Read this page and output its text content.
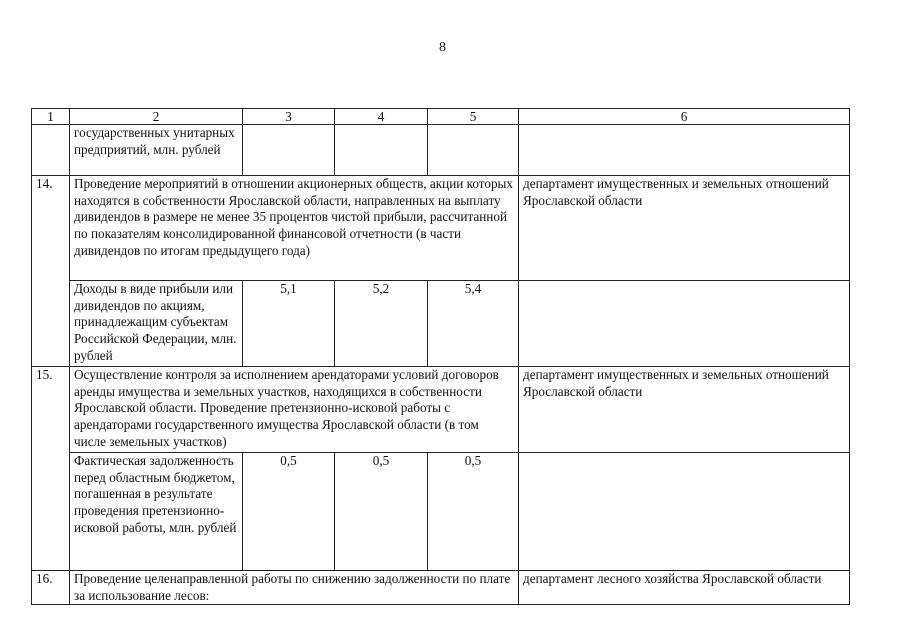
8
1	2	3	4	5	6
	государственных унитарных предприятий, млн. рублей				
14.	Проведение мероприятий в отношении акционерных обществ, акции которых находятся в собственности Ярославской области, направленных на выплату дивидендов в размере не менее 35 процентов чистой прибыли, рассчитанной по показателям консолидированной финансовой отчетности (в части дивидендов по итогам предыдущего года)				департамент имущественных и земельных отношений Ярославской области
	Доходы в виде прибыли или дивидендов по акциям, принадлежащим субъектам Российской Федерации, млн. рублей	5,1	5,2	5,4	
15.	Осуществление контроля за исполнением арендаторами условий договоров аренды имущества и земельных участков, находящихся в собственности Ярославской области. Проведение претензионно-исковой работы с арендаторами государственного имущества Ярославской области (в том числе земельных участков)				департамент имущественных и земельных отношений Ярославской области
	Фактическая задолженность перед областным бюджетом, погашенная в результате проведения претензионно-исковой работы, млн. рублей	0,5	0,5	0,5	
16.	Проведение целенаправленной работы по снижению задолженности по плате за использование лесов:				департамент лесного хозяйства Ярославской области
